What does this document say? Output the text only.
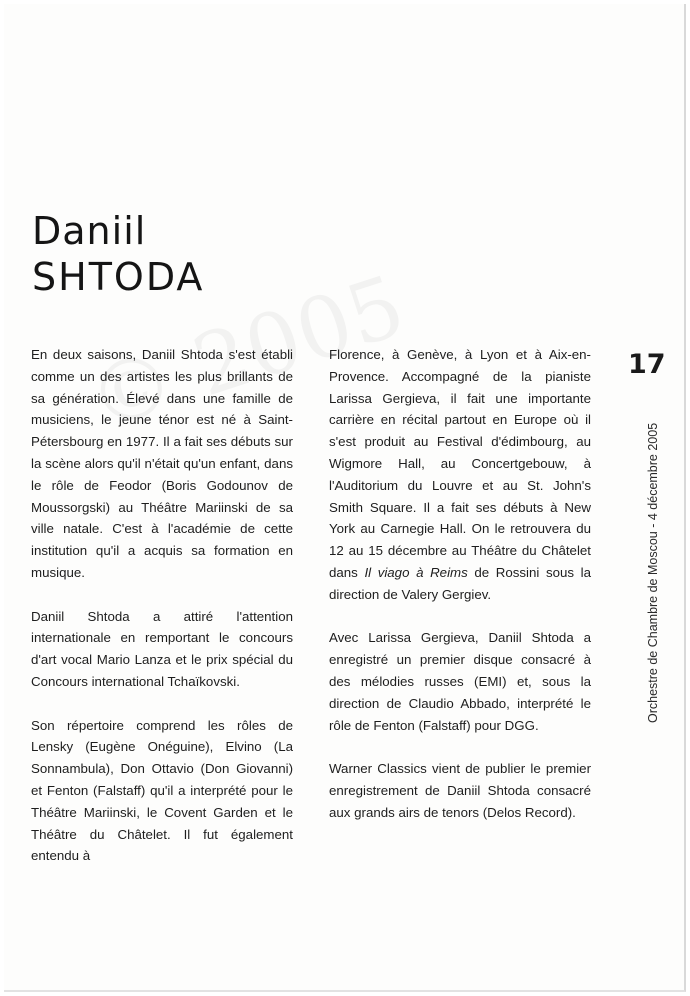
Daniil
SHTODA

En deux saisons, Daniil Shtoda s'est établi comme un des artistes les plus brillants de sa génération. Élevé dans une famille de musiciens, le jeune ténor est né à Saint-Pétersbourg en 1977. Il a fait ses débuts sur la scène alors qu'il n'était qu'un enfant, dans le rôle de Feodor (Boris Godounov de Moussorgski) au Théâtre Mariinski de sa ville natale. C'est à l'académie de cette institution qu'il a acquis sa formation en musique.

Daniil Shtoda a attiré l'attention internationale en remportant le concours d'art vocal Mario Lanza et le prix spécial du Concours international Tchaïkovski.

Son répertoire comprend les rôles de Lensky (Eugène Onéguine), Elvino (La Sonnambula), Don Ottavio (Don Giovanni) et Fenton (Falstaff) qu'il a interprété pour le Théâtre Mariinski, le Covent Garden et le Théâtre du Châtelet. Il fut également entendu à

Florence, à Genève, à Lyon et à Aix-en-Provence. Accompagné de la pianiste Larissa Gergieva, il fait une importante carrière en récital partout en Europe où il s'est produit au Festival d'édimbourg, au Wigmore Hall, au Concertgebouw, à l'Auditorium du Louvre et au St. John's Smith Square. Il a fait ses débuts à New York au Carnegie Hall. On le retrouvera du 12 au 15 décembre au Théâtre du Châtelet dans Il viago à Reims de Rossini sous la direction de Valery Gergiev.

Avec Larissa Gergieva, Daniil Shtoda a enregistré un premier disque consacré à des mélodies russes (EMI) et, sous la direction de Claudio Abbado, interprété le rôle de Fenton (Falstaff) pour DGG.

Warner Classics vient de publier le premier enregistrement de Daniil Shtoda consacré aux grands airs de tenors (Delos Record).

17
Orchestre de Chambre de Moscou - 4 décembre 2005
